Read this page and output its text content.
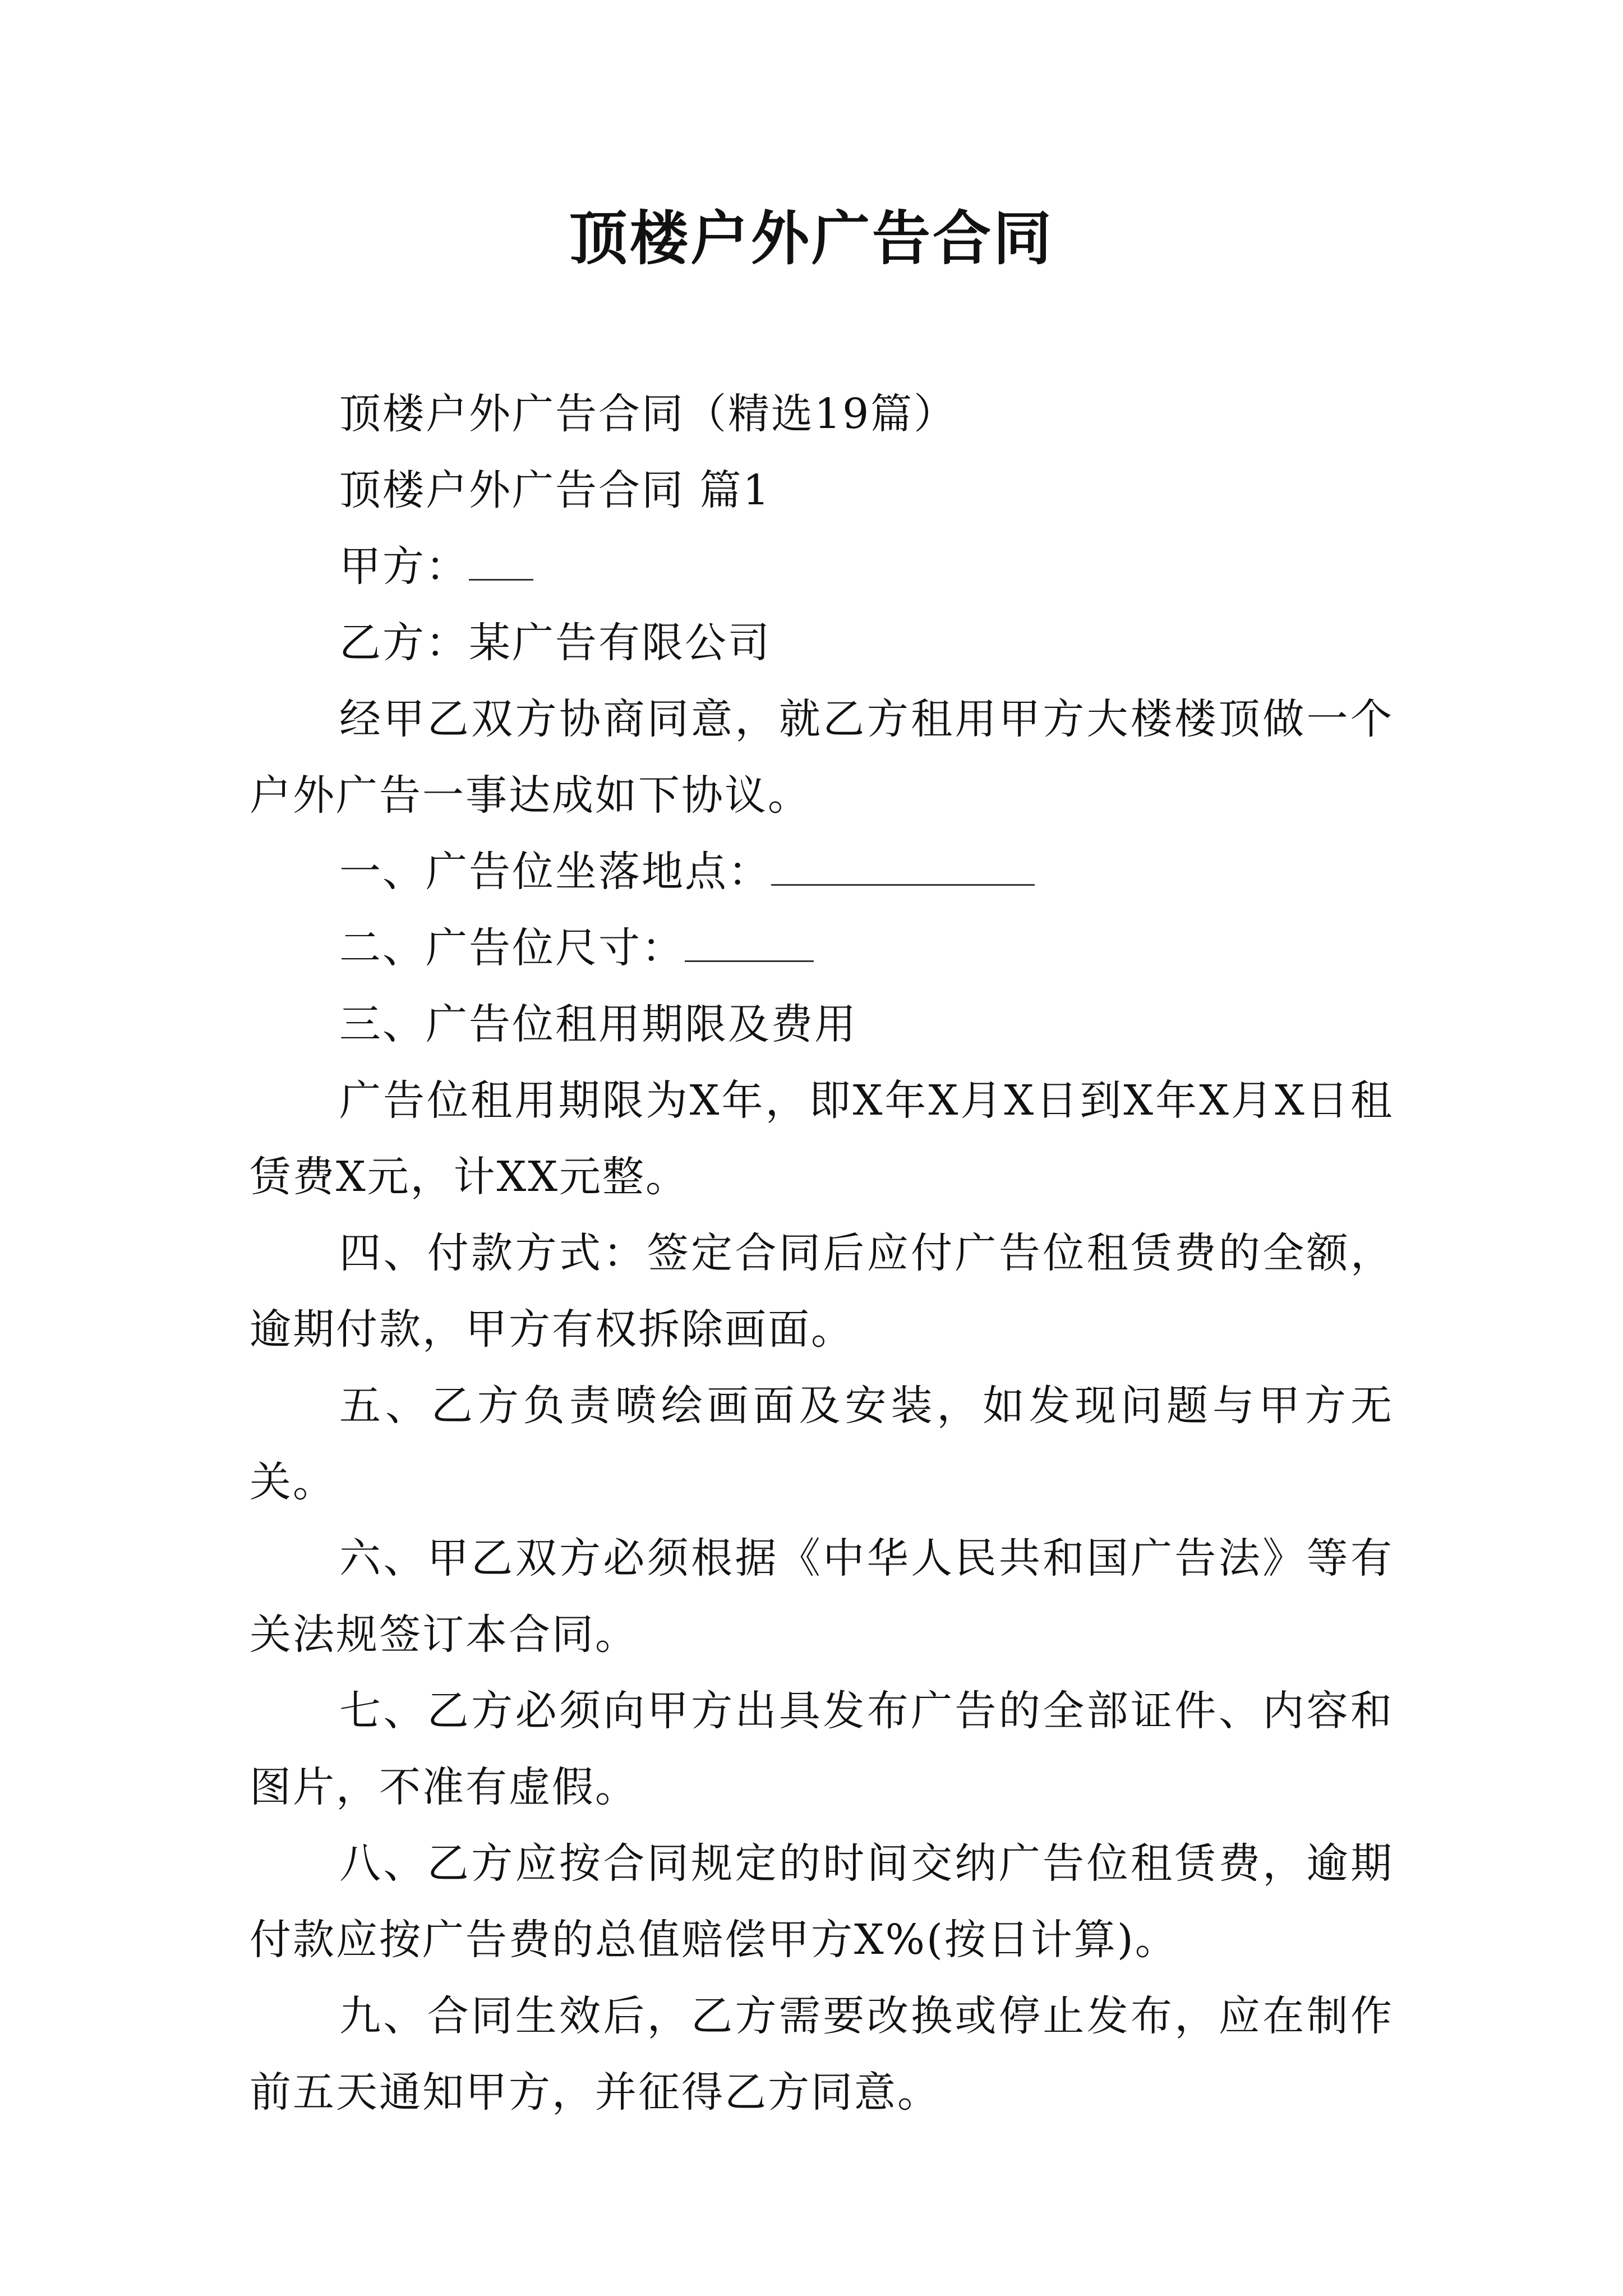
顶楼户外广告合同

顶楼户外广告合同（精选19篇）

顶楼户外广告合同 篇1

甲方：

乙方：某广告有限公司

经甲乙双方协商同意，就乙方租用甲方大楼楼顶做一个户外广告一事达成如下协议。

一、广告位坐落地点：

二、广告位尺寸：

三、广告位租用期限及费用

广告位租用期限为X年，即X年X月X日到X年X月X日租赁费X元，计XX元整。

四、付款方式：签定合同后应付广告位租赁费的全额，逾期付款，甲方有权拆除画面。

五、乙方负责喷绘画面及安装，如发现问题与甲方无关。

六、甲乙双方必须根据《中华人民共和国广告法》等有关法规签订本合同。

七、乙方必须向甲方出具发布广告的全部证件、内容和图片，不准有虚假。

八、乙方应按合同规定的时间交纳广告位租赁费，逾期付款应按广告费的总值赔偿甲方X%(按日计算)。

九、合同生效后，乙方需要改换或停止发布，应在制作前五天通知甲方，并征得乙方同意。
